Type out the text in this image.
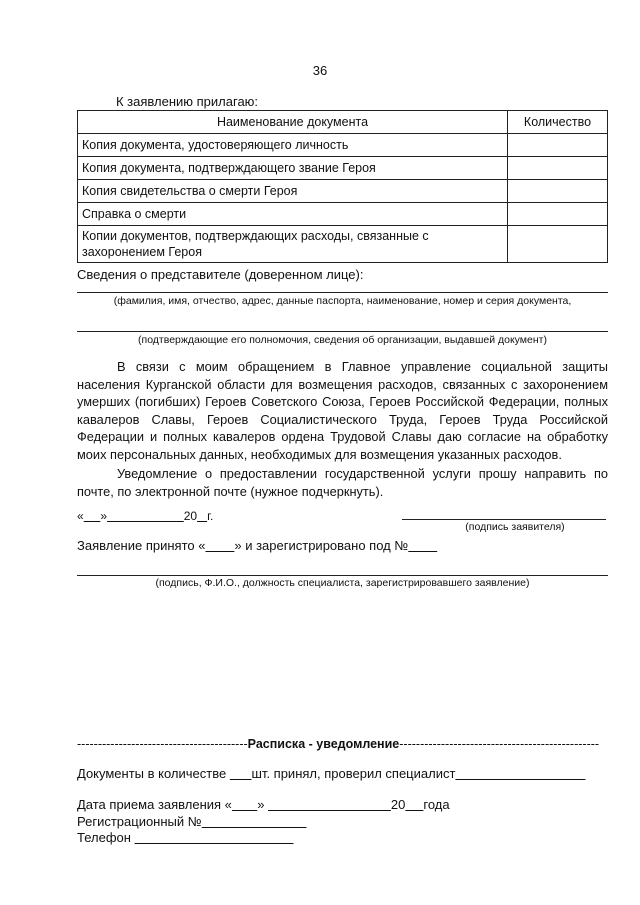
36
К заявлению прилагаю:
Наименование документа	Количество
Копия документа, удостоверяющего личность	
Копия документа, подтверждающего звание Героя	
Копия свидетельства о смерти Героя	
Справка о смерти	
Копии документов, подтверждающих расходы, связанные с захоронением Героя	
Сведения о представителе (доверенном лице):
(фамилия, имя, отчество, адрес, данные паспорта, наименование, номер и серия документа,
(подтверждающие его полномочия, сведения об организации, выдавшей документ)
В связи с моим обращением в Главное управление социальной защиты населения Курганской области для возмещения расходов, связанных с захоронением умерших (погибших) Героев Советского Союза, Героев Российской Федерации, полных кавалеров Славы, Героев Социалистического Труда, Героев Труда Российской Федерации и полных кавалеров ордена Трудовой Славы даю согласие на обработку моих персональных данных, необходимых для возмещения указанных расходов.
Уведомление о предоставлении государственной услуги прошу направить по почте, по электронной почте (нужное подчеркнуть).
« »	20 г.
(подпись заявителя)
Заявление принято « » и зарегистрировано под №
(подпись, Ф.И.О., должность специалиста, зарегистрировавшего заявление)
-----------------------------------------Расписка - уведомление------------------------------------------------
Документы в количестве       шт. принял, проверил специалист
Дата приема заявления « »	20 года
Регистрационный №
Телефон
